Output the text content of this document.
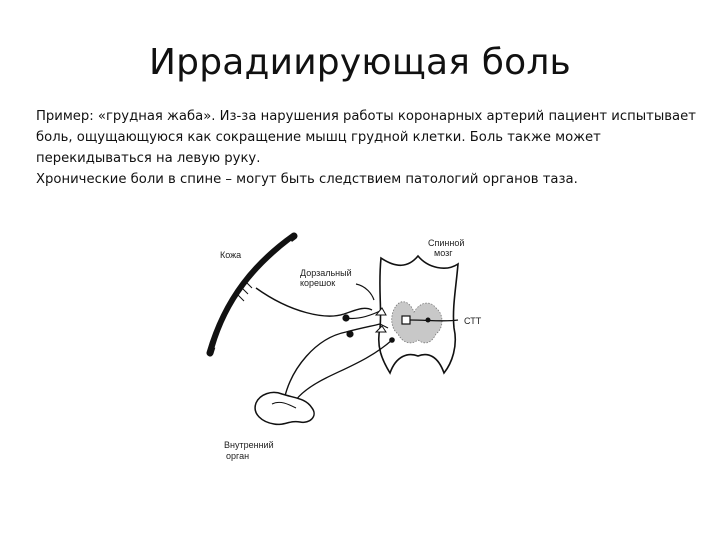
Иррадиирующая боль

Пример: «грудная жаба». Из-за нарушения работы коронарных артерий пациент испытывает боль, ощущающуюся как сокращение мышц грудной клетки. Боль также может перекидываться на левую руку.

Хронические боли в спине – могут быть следствием патологий органов таза.

Кожа
Дорзальный
корешок
Спинной
мозг
СТТ
Внутренний
орган
